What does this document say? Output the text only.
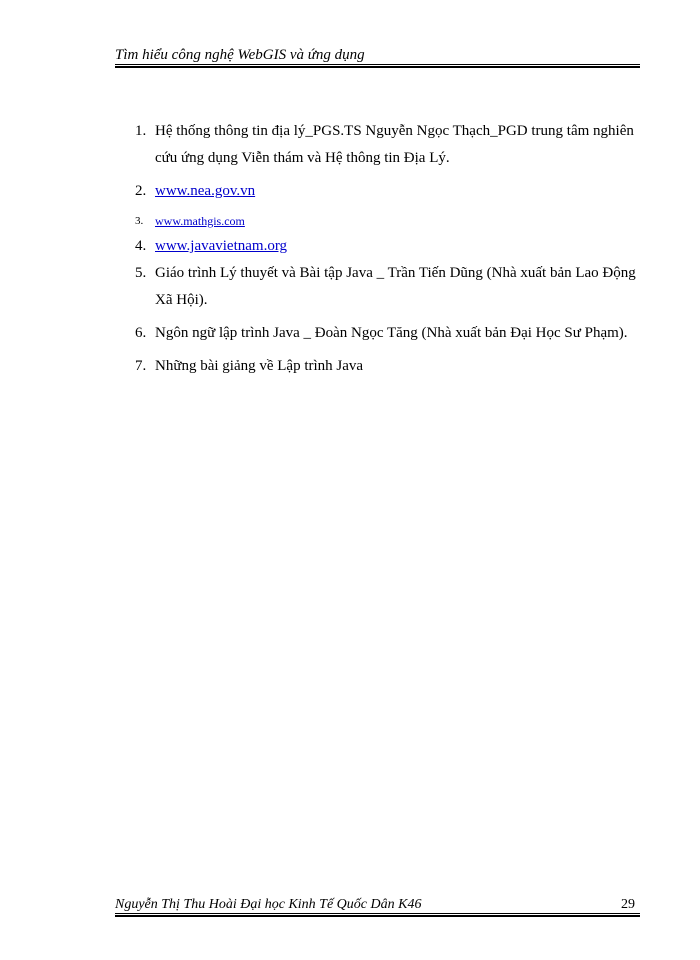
Tìm hiểu công nghệ WebGIS và ứng dụng
1. Hệ thống thông tin địa lý_PGS.TS Nguyễn Ngọc Thạch_PGD trung tâm nghiên cứu ứng dụng Viễn thám và Hệ thông tin Địa Lý.
2. www.nea.gov.vn
3. www.mathgis.com
4. www.javavietnam.org
5. Giáo trình Lý thuyết và Bài tập Java _ Trần Tiến Dũng (Nhà xuất bản Lao Động Xã Hội).
6. Ngôn ngữ lập trình Java _ Đoàn Ngọc Tăng (Nhà xuất bản Đại Học Sư Phạm).
7. Những bài giảng về Lập trình Java
Nguyễn Thị Thu Hoài Đại học Kinh Tế Quốc Dân K46	29
